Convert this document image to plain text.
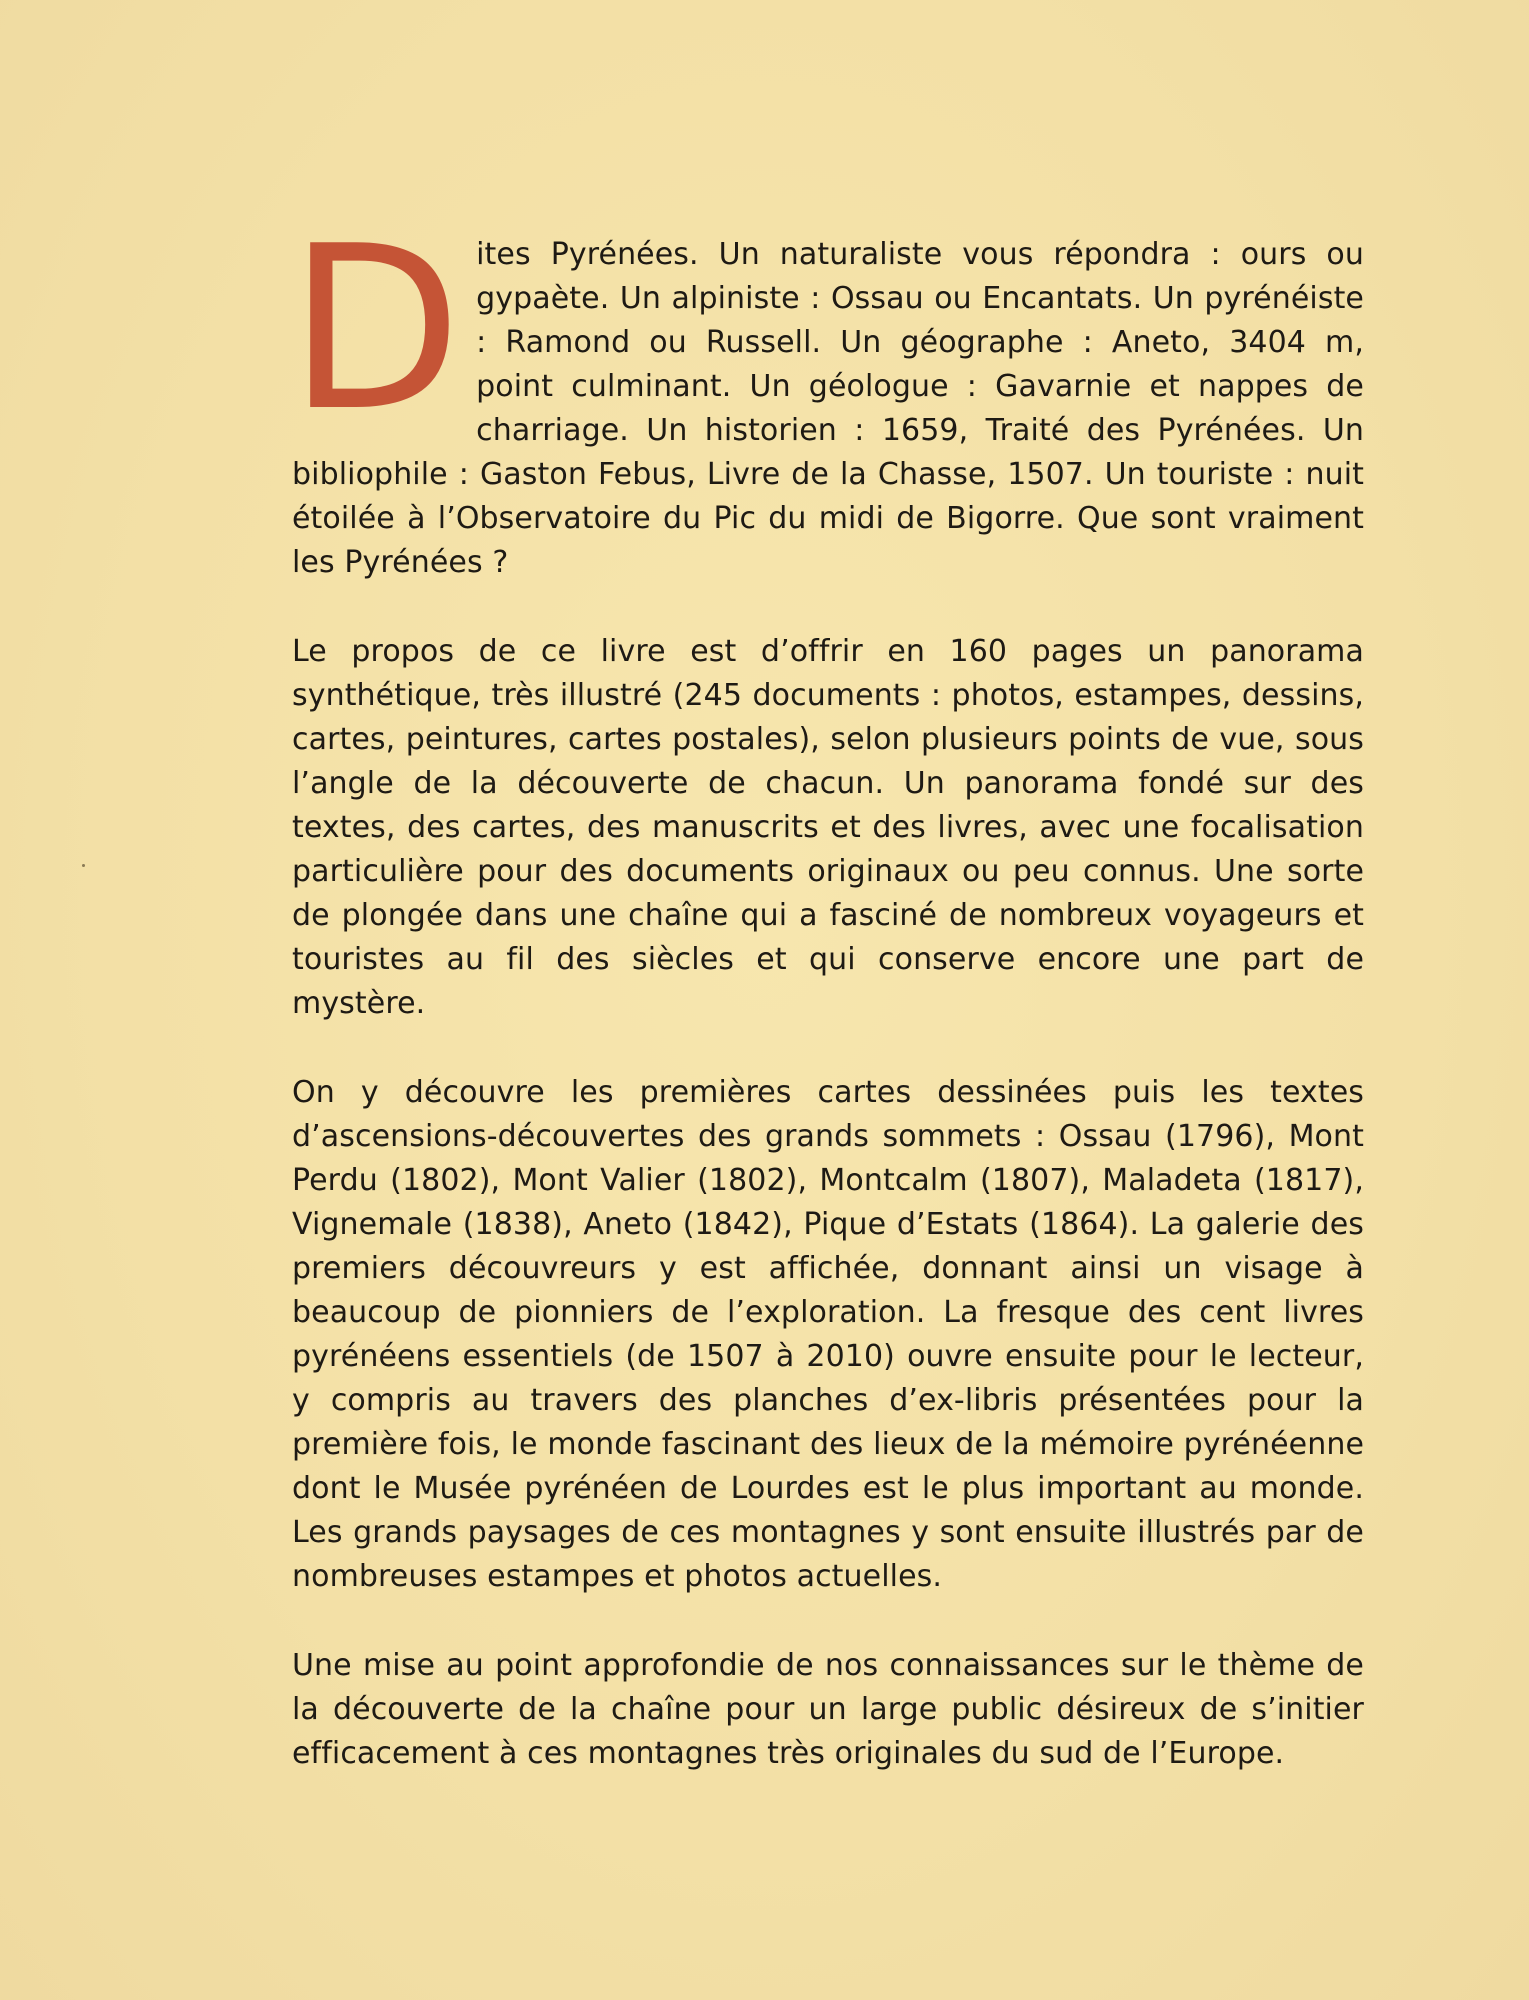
Dites Pyrénées. Un naturaliste vous répondra : ours ou gypaète. Un alpiniste : Ossau ou Encantats. Un pyrénéiste : Ramond ou Russell. Un géographe : Aneto, 3404 m, point culminant. Un géologue : Gavarnie et nappes de charriage. Un historien : 1659, Traité des Pyrénées. Un bibliophile : Gaston Febus, Livre de la Chasse, 1507. Un touriste : nuit étoilée à l’Observatoire du Pic du midi de Bigorre. Que sont vraiment les Pyrénées ?

Le propos de ce livre est d’offrir en 160 pages un panorama synthétique, très illustré (245 documents : photos, estampes, dessins, cartes, peintures, cartes postales), selon plusieurs points de vue, sous l’angle de la découverte de chacun. Un panorama fondé sur des textes, des cartes, des manuscrits et des livres, avec une focalisation particulière pour des documents originaux ou peu connus. Une sorte de plongée dans une chaîne qui a fasciné de nombreux voyageurs et touristes au fil des siècles et qui conserve encore une part de mystère.

On y découvre les premières cartes dessinées puis les textes d’ascensions-découvertes des grands sommets : Ossau (1796), Mont Perdu (1802), Mont Valier (1802), Montcalm (1807), Maladeta (1817), Vignemale (1838), Aneto (1842), Pique d’Estats (1864). La galerie des premiers découvreurs y est affichée, donnant ainsi un visage à beaucoup de pionniers de l’exploration. La fresque des cent livres pyrénéens essentiels (de 1507 à 2010) ouvre ensuite pour le lecteur, y compris au travers des planches d’ex-libris présentées pour la première fois, le monde fascinant des lieux de la mémoire pyrénéenne dont le Musée pyrénéen de Lourdes est le plus important au monde. Les grands paysages de ces montagnes y sont ensuite illustrés par de nombreuses estampes et photos actuelles.

Une mise au point approfondie de nos connaissances sur le thème de la découverte de la chaîne pour un large public désireux de s’initier efficacement à ces montagnes très originales du sud de l’Europe.
